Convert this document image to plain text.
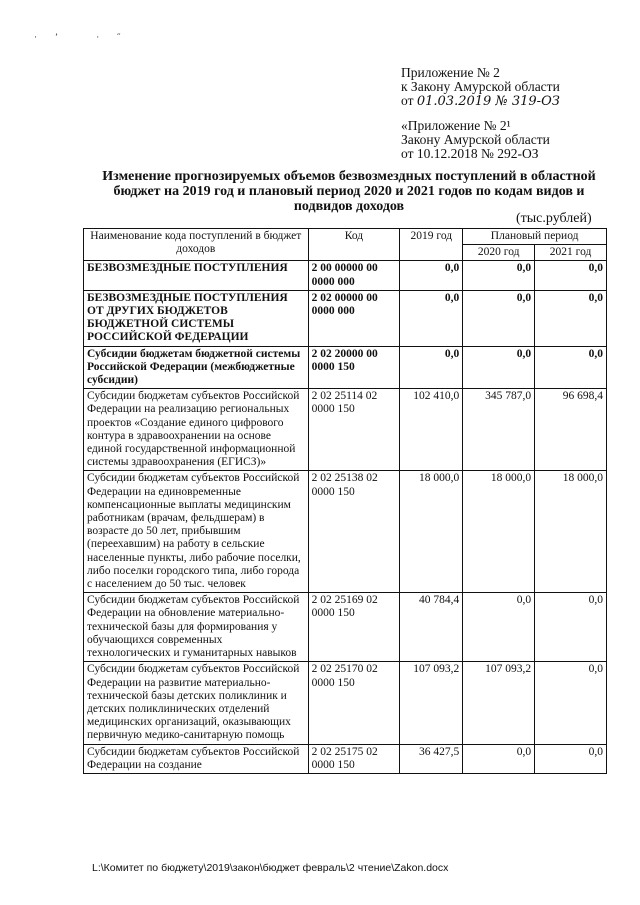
·ʼ ·˝
Приложение № 2
к Закону Амурской области
от 01.03.2019 № 319-ОЗ
«Приложение № 2¹
Закону Амурской области
от 10.12.2018 № 292-ОЗ
Изменение прогнозируемых объемов безвозмездных поступлений в областной бюджет на 2019 год и плановый период 2020 и 2021 годов по кодам видов и подвидов доходов
(тыс.рублей)
Наименование кода поступлений в бюджет доходов	Код	2019 год	Плановый период	
			2020 год	2021 год
БЕЗВОЗМЕЗДНЫЕ ПОСТУПЛЕНИЯ	2 00 00000 00 0000 000	0,0	0,0	0,0
БЕЗВОЗМЕЗДНЫЕ ПОСТУПЛЕНИЯ ОТ ДРУГИХ БЮДЖЕТОВ БЮДЖЕТНОЙ СИСТЕМЫ РОССИЙСКОЙ ФЕДЕРАЦИИ	2 02 00000 00 0000 000	0,0	0,0	0,0
Субсидии бюджетам бюджетной системы Российской Федерации (межбюджетные субсидии)	2 02 20000 00 0000 150	0,0	0,0	0,0
Субсидии бюджетам субъектов Российской Федерации на реализацию региональных проектов «Создание единого цифрового контура в здравоохранении на основе единой государственной информационной системы здравоохранения (ЕГИСЗ)»	2 02 25114 02 0000 150	102 410,0	345 787,0	96 698,4
Субсидии бюджетам субъектов Российской Федерации на единовременные компенсационные выплаты медицинским работникам (врачам, фельдшерам) в возрасте до 50 лет, прибывшим (переехавшим) на работу в сельские населенные пункты, либо рабочие поселки, либо поселки городского типа, либо города с населением до 50 тыс. человек	2 02 25138 02 0000 150	18 000,0	18 000,0	18 000,0
Субсидии бюджетам субъектов Российской Федерации на обновление материально-технической базы для формирования у обучающихся современных технологических и гуманитарных навыков	2 02 25169 02 0000 150	40 784,4	0,0	0,0
Субсидии бюджетам субъектов Российской Федерации на развитие материально-технической базы детских поликлиник и детских поликлинических отделений медицинских организаций, оказывающих первичную медико-санитарную помощь	2 02 25170 02 0000 150	107 093,2	107 093,2	0,0
Субсидии бюджетам субъектов Российской Федерации на создание	2 02 25175 02 0000 150	36 427,5	0,0	0,0
L:\Комитет по бюджету\2019\закон\бюджет февраль\2 чтение\Zakon.docx
